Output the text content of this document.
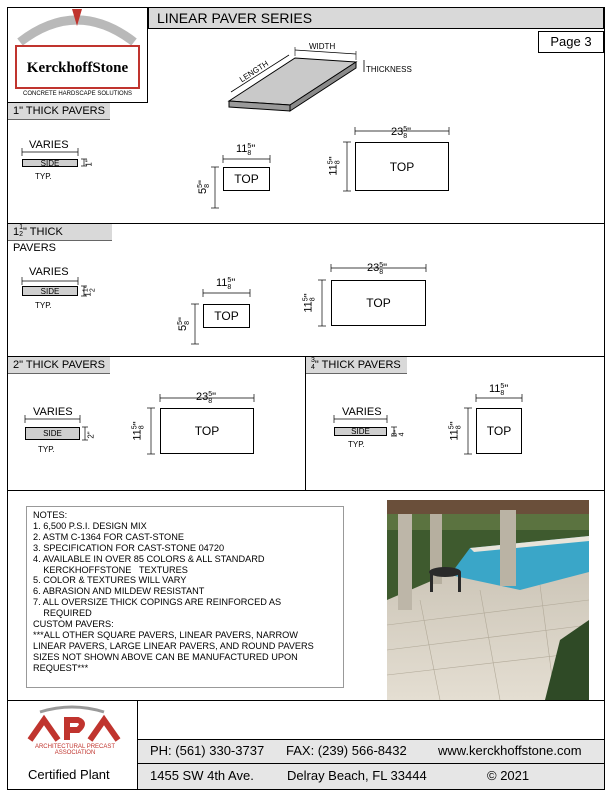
KerckhoffStone
CONCRETE HARDSCAPE SOLUTIONS
LINEAR PAVER SERIES
Page 3
WIDTH
LENGTH	THICKNESS
1" THICK PAVERS
VARIES
SIDE
TYP.
1"
115
8"
55
8" TOP
235
8"
115
8"
TOP
11
2" THICK PAVERS
VARIES
SIDE
TYP.
11
2"	115
8"
55
8" TOP
235
8"
115
8"
TOP
2" THICK PAVERS
VARIES
SIDE
TYP.
2"
235
8"
115
8"
TOP
3
4" THICK PAVERS
VARIES
SIDE
TYP.
3
4"
115
8"
115
8"
TOP
NOTES:
1. 6,500 P.S.I. DESIGN MIX
2. ASTM C-1364 FOR CAST-STONE
3. SPECIFICATION FOR CAST-STONE 04720
4. AVAILABLE IN OVER 85 COLORS & ALL STANDARD
KERCKHOFFSTONE   TEXTURES
5. COLOR & TEXTURES WILL VARY
6. ABRASION AND MILDEW RESISTANT
7. ALL OVERSIZE THICK COPINGS ARE REINFORCED AS
REQUIRED
CUSTOM PAVERS:
***ALL OTHER SQUARE PAVERS, LINEAR PAVERS, NARROW
LINEAR PAVERS, LARGE LINEAR PAVERS, AND ROUND PAVERS
SIZES NOT SHOWN ABOVE CAN BE MANUFACTURED UPON
REQUEST***
ARCHITECTURAL PRECAST
ASSOCIATION
Certified Plant
PH: (561) 330-3737 FAX: (239) 566-8432 www.kerckhoffstone.com
1455 SW 4th Ave.	Delray Beach, FL 33444	© 2021
